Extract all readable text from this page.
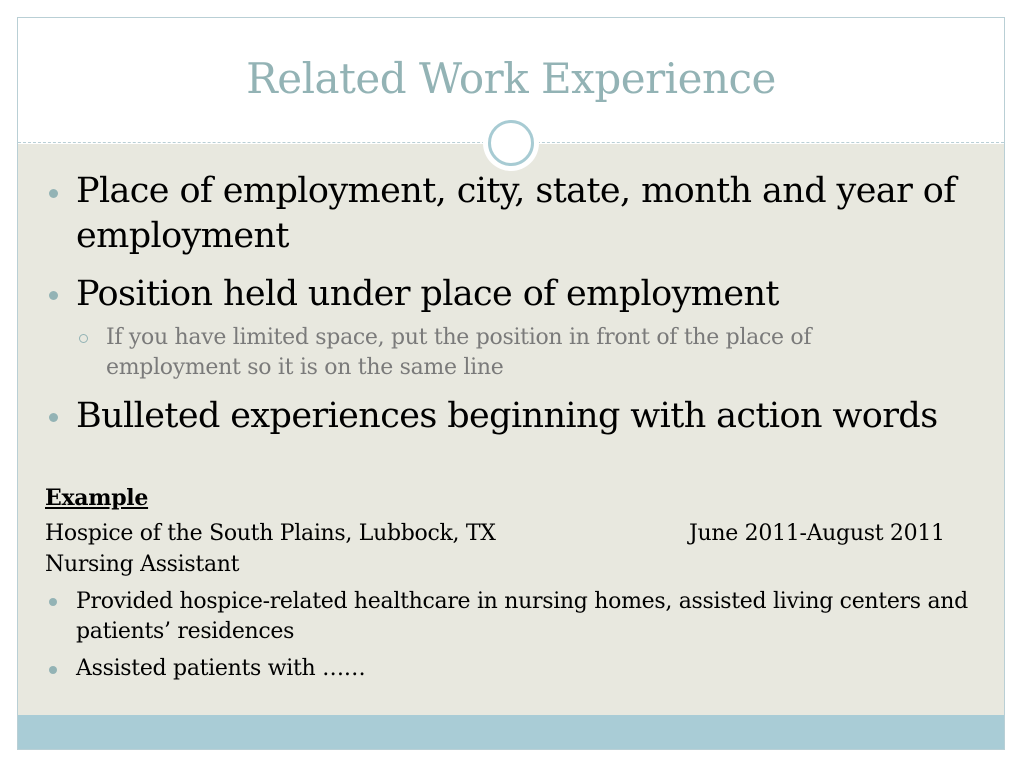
Related Work Experience
Place of employment, city, state, month and year of employment
Position held under place of employment
If you have limited space, put the position in front of the place of employment so it is on the same line
Bulleted experiences beginning with action words
Example
Hospice of the South Plains, Lubbock, TX	June 2011-August 2011
Nursing Assistant
Provided hospice-related healthcare in nursing homes, assisted living centers and patients’ residences
Assisted patients with ……
